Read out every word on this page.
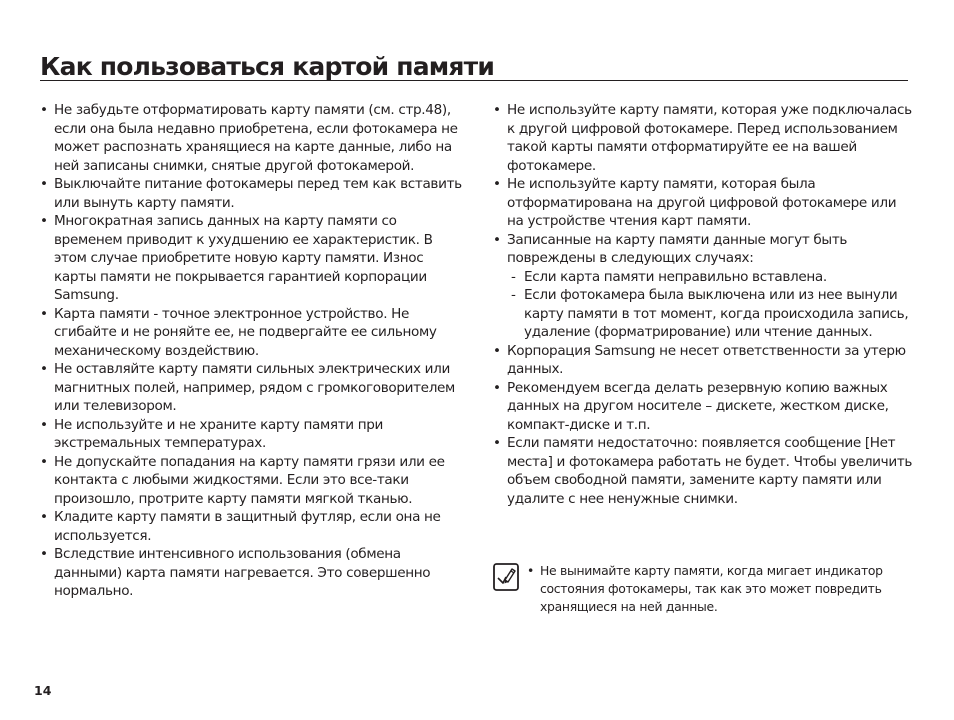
Как пользоваться картой памяти
• Не забудьте отформатировать карту памяти (см. стр.48), если она была недавно приобретена, если фотокамера не может распознать хранящиеся на карте данные, либо на ней записаны снимки, снятые другой фотокамерой.
• Выключайте питание фотокамеры перед тем как вставить или вынуть карту памяти.
• Многократная запись данных на карту памяти со временем приводит к ухудшению ее характеристик. В этом случае приобретите новую карту памяти. Износ карты памяти не покрывается гарантией корпорации Samsung.
• Карта памяти - точное электронное устройство. Не сгибайте и не роняйте ее, не подвергайте ее сильному механическому воздействию.
• Не оставляйте карту памяти сильных электрических или магнитных полей, например, рядом с громкоговорителем или телевизором.
• Не используйте и не храните карту памяти при экстремальных температурах.
• Не допускайте попадания на карту памяти грязи или ее контакта с любыми жидкостями. Если это все-таки произошло, протрите карту памяти мягкой тканью.
• Кладите карту памяти в защитный футляр, если она не используется.
• Вследствие интенсивного использования (обмена данными) карта памяти нагревается. Это совершенно нормально.
• Не используйте карту памяти, которая уже подключалась к другой цифровой фотокамере. Перед использованием такой карты памяти отформатируйте ее на вашей фотокамере.
• Не используйте карту памяти, которая была отформатирована на другой цифровой фотокамере или на устройстве чтения карт памяти.
• Записанные на карту памяти данные могут быть повреждены в следующих случаях:
- Если карта памяти неправильно вставлена.
- Если фотокамера была выключена или из нее вынули карту памяти в тот момент, когда происходила запись, удаление (форматрирование) или чтение данных.
• Корпорация Samsung не несет ответственности за утерю данных.
• Рекомендуем всегда делать резервную копию важных данных на другом носителе – дискете, жестком диске, компакт-диске и т.п.
• Если памяти недостаточно: появляется сообщение [Нет места] и фотокамера работать не будет. Чтобы увеличить объем свободной памяти, замените карту памяти или удалите с нее ненужные снимки.
• Не вынимайте карту памяти, когда мигает индикатор состояния фотокамеры, так как это может повредить хранящиеся на ней данные.
14
